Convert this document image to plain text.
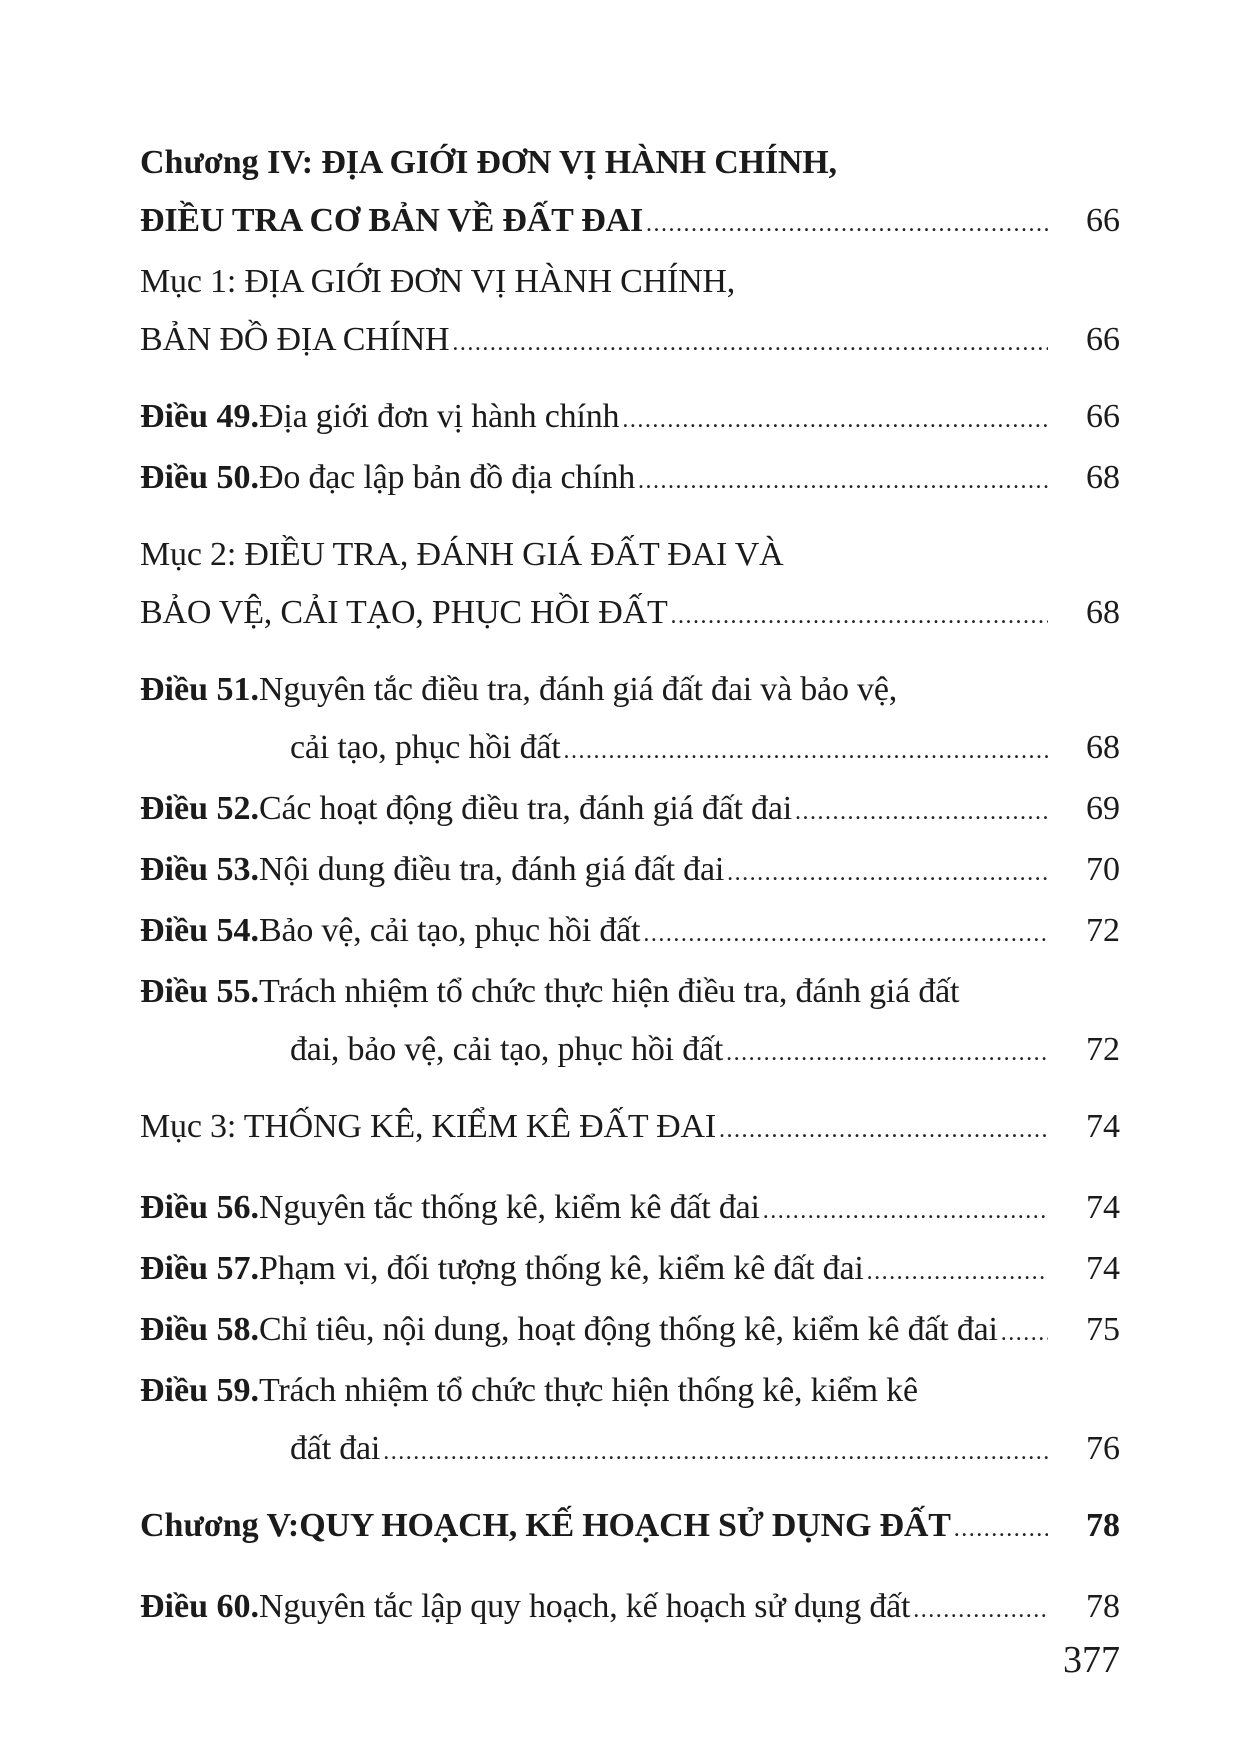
Chương IV: ĐỊA GIỚI ĐƠN VỊ HÀNH CHÍNH,
ĐIỀU TRA CƠ BẢN VỀ ĐẤT ĐAI .....	66
Mục 1: ĐỊA GIỚI ĐƠN VỊ HÀNH CHÍNH,
BẢN ĐỒ ĐỊA CHÍNH .....	66
Điều 49. Địa giới đơn vị hành chính .....	66
Điều 50. Đo đạc lập bản đồ địa chính .....	68
Mục 2: ĐIỀU TRA, ĐÁNH GIÁ ĐẤT ĐAI VÀ
BẢO VỆ, CẢI TẠO, PHỤC HỒI ĐẤT .....	68
Điều 51. Nguyên tắc điều tra, đánh giá đất đai và bảo vệ,
cải tạo, phục hồi đất .....	68
Điều 52. Các hoạt động điều tra, đánh giá đất đai .....	69
Điều 53. Nội dung điều tra, đánh giá đất đai .....	70
Điều 54. Bảo vệ, cải tạo, phục hồi đất .....	72
Điều 55. Trách nhiệm tổ chức thực hiện điều tra, đánh giá đất
đai, bảo vệ, cải tạo, phục hồi đất .....	72
Mục 3: THỐNG KÊ, KIỂM KÊ ĐẤT ĐAI .....	74
Điều 56. Nguyên tắc thống kê, kiểm kê đất đai .....	74
Điều 57. Phạm vi, đối tượng thống kê, kiểm kê đất đai .....	74
Điều 58. Chỉ tiêu, nội dung, hoạt động thống kê, kiểm kê đất đai .....	75
Điều 59. Trách nhiệm tổ chức thực hiện thống kê, kiểm kê
đất đai .....	76
Chương V: QUY HOẠCH, KẾ HOẠCH SỬ DỤNG ĐẤT .....	78
Điều 60. Nguyên tắc lập quy hoạch, kế hoạch sử dụng đất .....	78
377
